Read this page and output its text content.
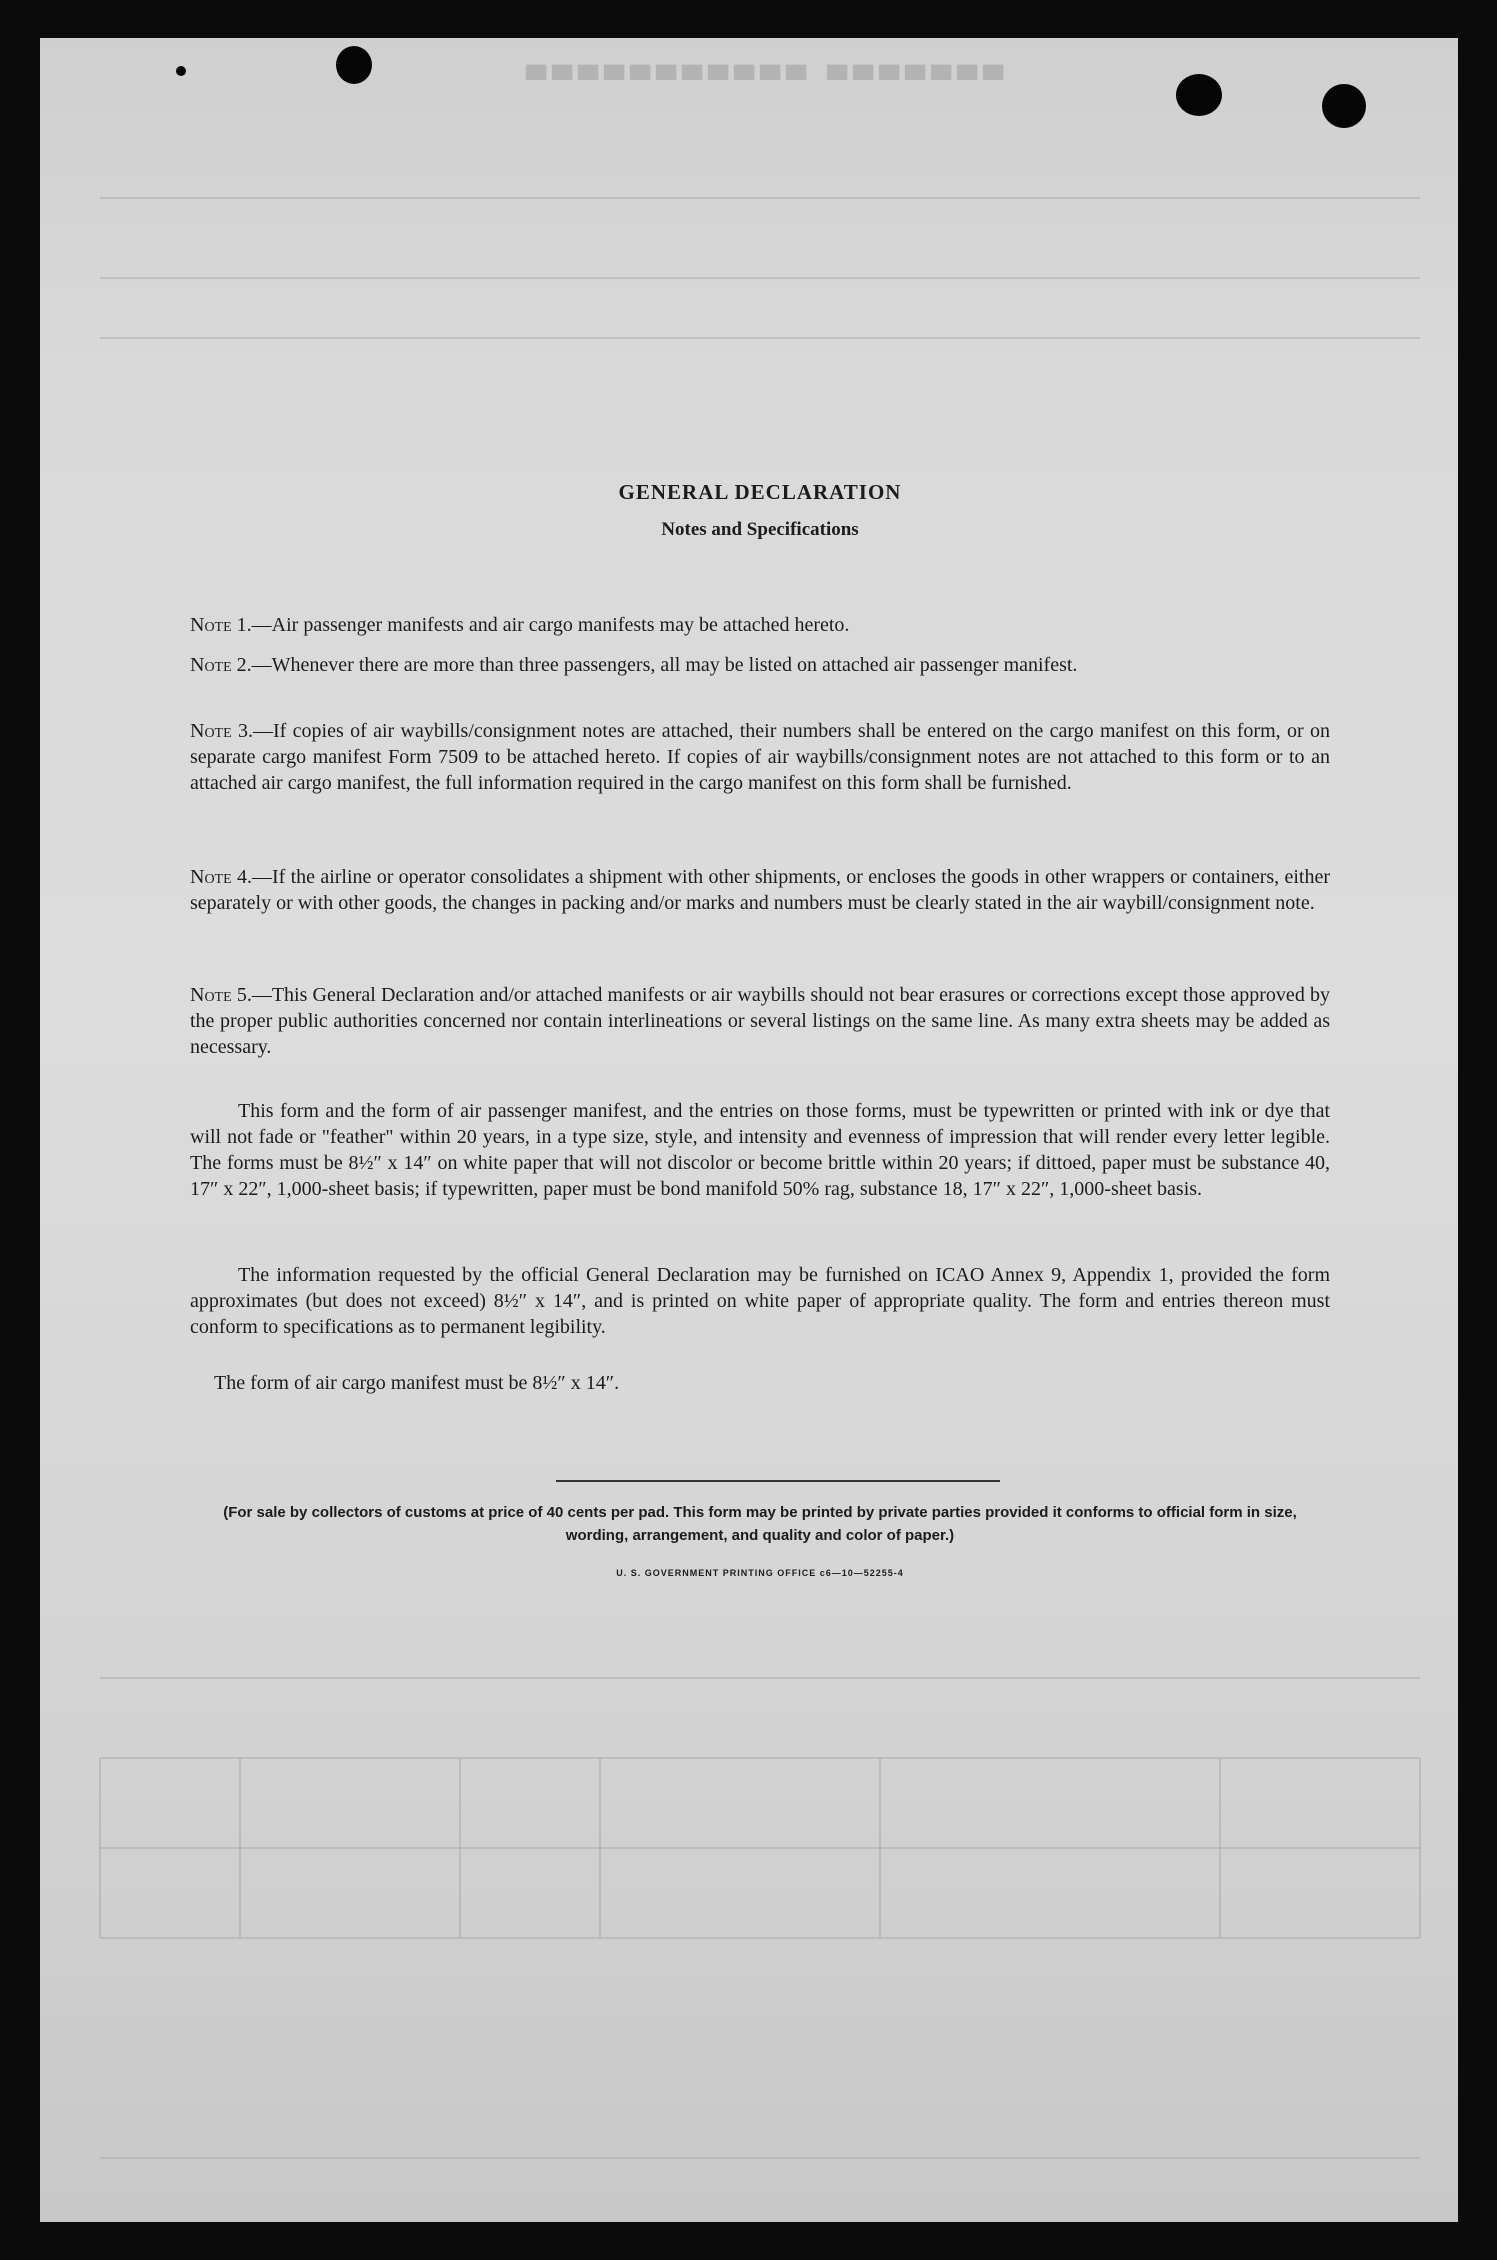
▀▀▀▀▀▀▀ ▀▀▀▀▀▀▀▀▀▀▀
GENERAL DECLARATION
Notes and Specifications
Note 1.—Air passenger manifests and air cargo manifests may be attached hereto.
Note 2.—Whenever there are more than three passengers, all may be listed on attached air passenger manifest.
Note 3.—If copies of air waybills/consignment notes are attached, their numbers shall be entered on the cargo manifest on this form, or on separate cargo manifest Form 7509 to be attached hereto. If copies of air waybills/consignment notes are not attached to this form or to an attached air cargo manifest, the full information required in the cargo manifest on this form shall be furnished.
Note 4.—If the airline or operator consolidates a shipment with other shipments, or encloses the goods in other wrappers or containers, either separately or with other goods, the changes in packing and/or marks and numbers must be clearly stated in the air waybill/consignment note.
Note 5.—This General Declaration and/or attached manifests or air waybills should not bear erasures or corrections except those approved by the proper public authorities concerned nor contain interlineations or several listings on the same line. As many extra sheets may be added as necessary.
This form and the form of air passenger manifest, and the entries on those forms, must be typewritten or printed with ink or dye that will not fade or "feather" within 20 years, in a type size, style, and intensity and evenness of impression that will render every letter legible. The forms must be 8½″ x 14″ on white paper that will not discolor or become brittle within 20 years; if dittoed, paper must be substance 40, 17″ x 22″, 1,000-sheet basis; if typewritten, paper must be bond manifold 50% rag, substance 18, 17″ x 22″, 1,000-sheet basis.
The information requested by the official General Declaration may be furnished on ICAO Annex 9, Appendix 1, provided the form approximates (but does not exceed) 8½″ x 14″, and is printed on white paper of appropriate quality. The form and entries thereon must conform to specifications as to permanent legibility.
The form of air cargo manifest must be 8½″ x 14″.
(For sale by collectors of customs at price of 40 cents per pad. This form may be printed by private parties provided it conforms to official form in size, wording, arrangement, and quality and color of paper.)
U. S. GOVERNMENT PRINTING OFFICE c6—10—52255-4
